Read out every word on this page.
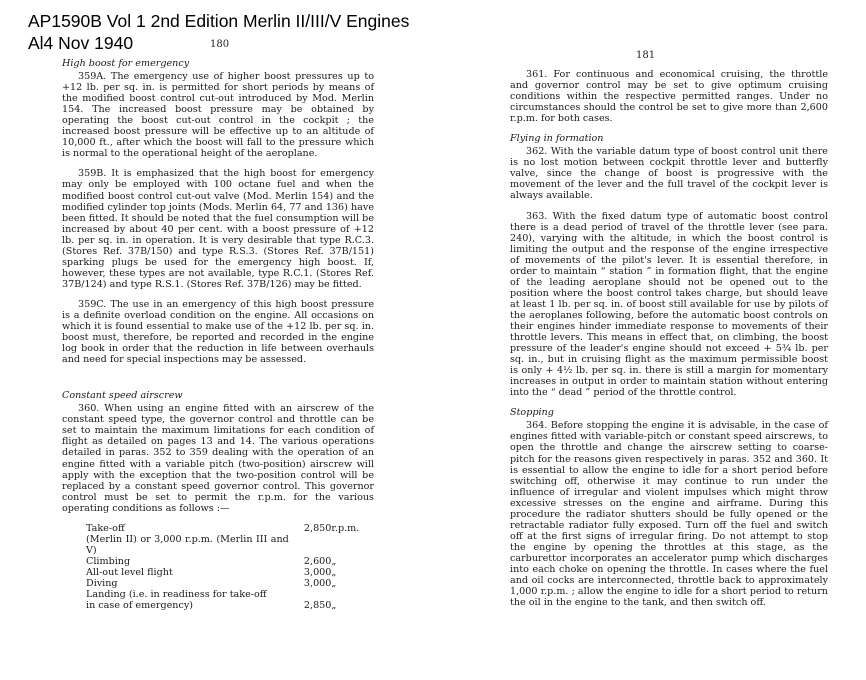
AP1590B Vol 1 2nd Edition Merlin II/III/V Engines
Al4 Nov 1940	180
181

High boost for emergency

359A. The emergency use of higher boost pressures up to +12 lb. per sq. in. is permitted for short periods by means of the modified boost control cut-out introduced by Mod. Merlin 154. The increased boost pressure may be obtained by operating the boost cut-out control in the cockpit ; the increased boost pressure will be effective up to an altitude of 10,000 ft., after which the boost will fall to the pressure which is normal to the operational height of the aeroplane.

359B. It is emphasized that the high boost for emergency may only be employed with 100 octane fuel and when the modified boost control cut-out valve (Mod. Merlin 154) and the modified cylinder top joints (Mods. Merlin 64, 77 and 136) have been fitted. It should be noted that the fuel consumption will be increased by about 40 per cent. with a boost pressure of +12 lb. per sq. in. in operation. It is very desirable that type R.C.3. (Stores Ref. 37B/150) and type R.S.3. (Stores Ref. 37B/151) sparking plugs be used for the emergency high boost. If, however, these types are not available, type R.C.1. (Stores Ref. 37B/124) and type R.S.1. (Stores Ref. 37B/126) may be fitted.

359C. The use in an emergency of this high boost pressure is a definite overload condition on the engine. All occasions on which it is found essential to make use of the +12 lb. per sq. in. boost must, therefore, be reported and recorded in the engine log book in order that the reduction in life between overhauls and need for special inspections may be assessed.

Constant speed airscrew

360. When using an engine fitted with an airscrew of the constant speed type, the governor control and throttle can be set to maintain the maximum limitations for each condition of flight as detailed on pages 13 and 14. The various operations detailed in paras. 352 to 359 dealing with the operation of an engine fitted with a variable pitch (two-position) airscrew will apply with the exception that the two-position control will be replaced by a constant speed governor control. This governor control must be set to permit the r.p.m. for the various operating conditions as follows :—

Take-off	2,850	r.p.m.
(Merlin II) or 3,000 r.p.m. (Merlin III and V)		
Climbing	2,600	„
All-out level flight	3,000	„
Diving	3,000	„
Landing (i.e. in readiness for take-off		
in case of emergency)	2,850	„

361. For continuous and economical cruising, the throttle and governor control may be set to give optimum cruising conditions within the respective permitted ranges. Under no circumstances should the control be set to give more than 2,600 r.p.m. for both cases.

Flying in formation

362. With the variable datum type of boost control unit there is no lost motion between cockpit throttle lever and butterfly valve, since the change of boost is progressive with the movement of the lever and the full travel of the cockpit lever is always available.

363. With the fixed datum type of automatic boost control there is a dead period of travel of the throttle lever (see para. 240), varying with the altitude, in which the boost control is limiting the output and the response of the engine irrespective of movements of the pilot's lever. It is essential therefore, in order to maintain “ station ” in formation flight, that the engine of the leading aeroplane should not be opened out to the position where the boost control takes charge, but should leave at least 1 lb. per sq. in. of boost still available for use by pilots of the aeroplanes following, before the automatic boost controls on their engines hinder immediate response to movements of their throttle levers. This means in effect that, on climbing, the boost pressure of the leader's engine should not exceed + 5¾ lb. per sq. in., but in cruising flight as the maximum permissible boost is only + 4½ lb. per sq. in. there is still a margin for momentary increases in output in order to maintain station without entering into the “ dead ” period of the throttle control.

Stopping

364. Before stopping the engine it is advisable, in the case of engines fitted with variable-pitch or constant speed airscrews, to open the throttle and change the airscrew setting to coarse-pitch for the reasons given respectively in paras. 352 and 360. It is essential to allow the engine to idle for a short period before switching off, otherwise it may continue to run under the influence of irregular and violent impulses which might throw excessive stresses on the engine and airframe. During this procedure the radiator shutters should be fully opened or the retractable radiator fully exposed. Turn off the fuel and switch off at the first signs of irregular firing. Do not attempt to stop the engine by opening the throttles at this stage, as the carburettor incorporates an accelerator pump which discharges into each choke on opening the throttle. In cases where the fuel and oil cocks are interconnected, throttle back to approximately 1,000 r.p.m. ; allow the engine to idle for a short period to return the oil in the engine to the tank, and then switch off.
